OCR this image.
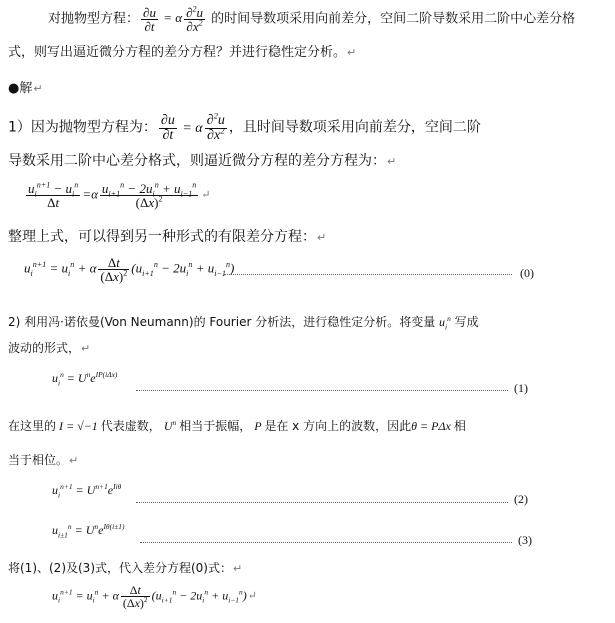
对抛物型方程： $\frac{\partial u}{\partial t} = \alpha \frac{\partial^2u}{\partial x^2}$ 的时间导数项采用向前差分，空间二阶导数采用二阶中心差分格
式，则写出逼近微分方程的差分方程？并进行稳性定分析。↵
●解↵
1）因为抛物型方程为： $\frac{\partial u}{\partial t} = \alpha \frac{\partial^2u}{\partial x^2}$ ，且时间导数项采用向前差分，空间二阶
导数采用二阶中心差分格式，则逼近微分方程的差分方程为：↵
$\frac{u_i^{n+1} - u_i^n}{\Delta t} =\alpha \frac{u_{i+1}^n - 2u_i^n + u_{i-1}^n}{(\Delta x)^2}$ ↵
整理上式，可以得到另一种形式的有限差分方程：↵
$u_i^{n+1} = u_i^n + \alpha \frac{\Delta t}{(\Delta x)^2} (u_{i+1}^n - 2u_i^n + u_{i-1}^n)$	(0)
2) 利用冯·诺依曼(Von Neumann)的 Fourier 分析法，进行稳性定分析。将变量 $u_i^n$ 写成
波动的形式，↵
$u_i^n = U^ne^{IP(i\Delta x)}$
(1)
在这里的 I = √−1 代表虚数， $U^n$ 相当于振幅， P 是在 x 方向上的波数，因此θ = PΔx 相
当于相位。↵
$u_i^{n+1} = U^{n+1}e^{Ii\theta}$
(2)
$u_{i\pm 1}^n = U^ne^{I\theta(i\pm 1)}$
(3)
将(1)、(2)及(3)式，代入差分方程(0)式：↵
$u_i^{n+1} = u_i^n + \alpha \frac{\Delta t}{(\Delta x)^2} (u_{i+1}^n - 2u_i^n$ + $u_{i-1}^n)↵$
